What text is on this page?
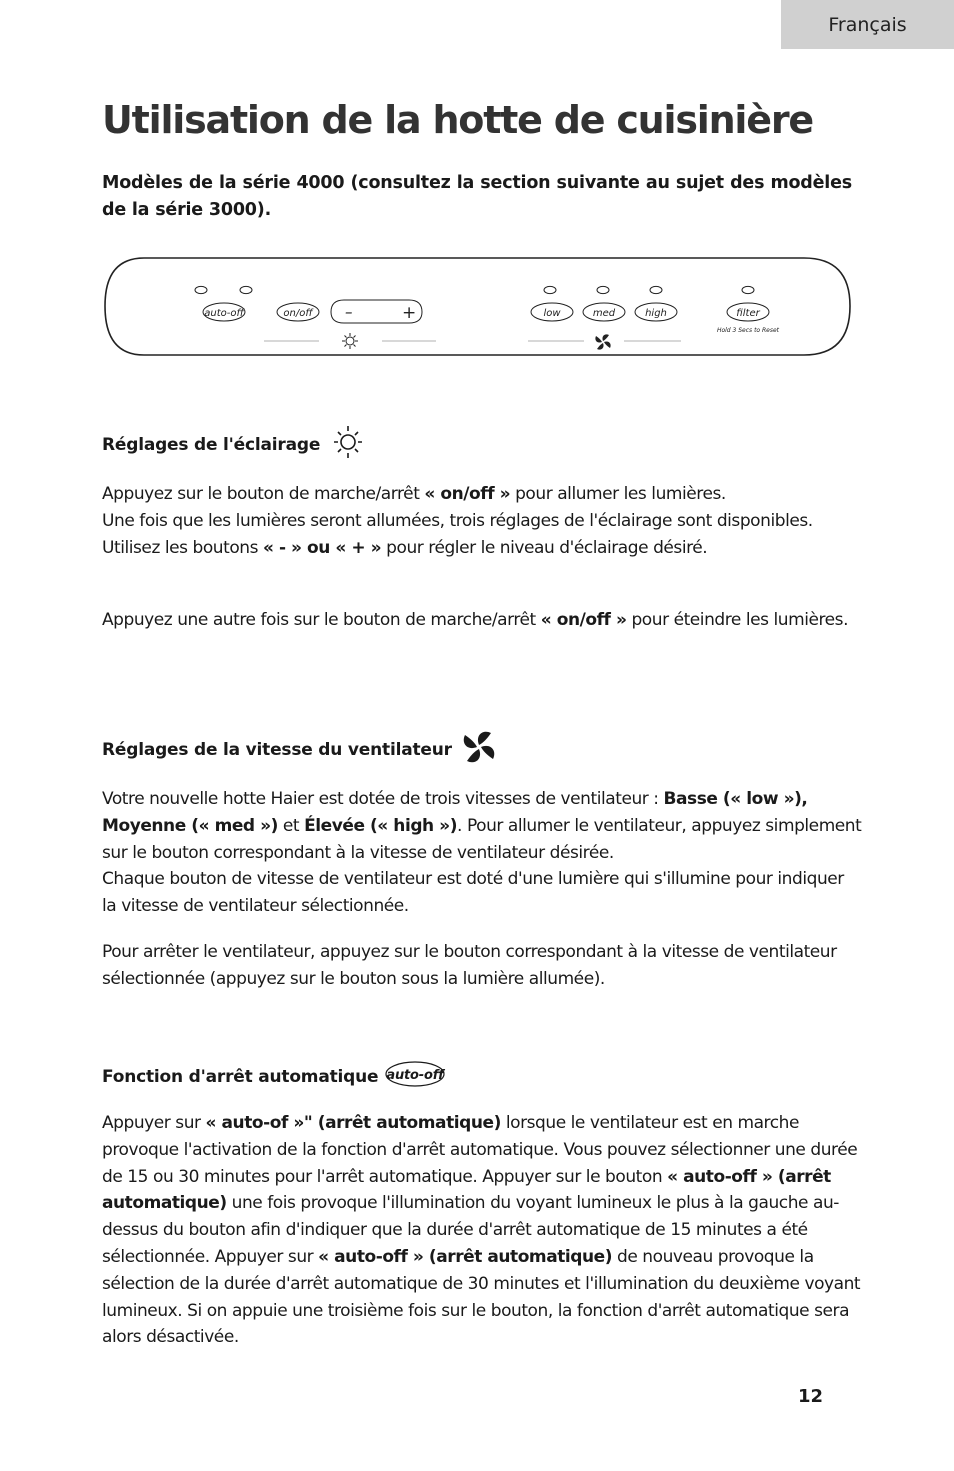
Français
Utilisation de la hotte de cuisinière

Modèles de la série 4000 (consultez la section suivante au sujet des modèles de la série 3000).

auto-off	on/off –	+	low	med	high	filter
Hold 3 Secs to Reset
Réglages de l'éclairage

Appuyez sur le bouton de marche/arrêt « on/off » pour allumer les lumières.
Une fois que les lumières seront allumées, trois réglages de l'éclairage sont disponibles. Utilisez les boutons « - » ou « + » pour régler le niveau d'éclairage désiré.

Appuyez une autre fois sur le bouton de marche/arrêt « on/off » pour éteindre les lumières.

Réglages de la vitesse du ventilateur

Votre nouvelle hotte Haier est dotée de trois vitesses de ventilateur : Basse (« low »), Moyenne (« med ») et Élevée (« high »). Pour allumer le ventilateur, appuyez simplement sur le bouton correspondant à la vitesse de ventilateur désirée.
Chaque bouton de vitesse de ventilateur est doté d'une lumière qui s'illumine pour indiquer la vitesse de ventilateur sélectionnée.

Pour arrêter le ventilateur, appuyez sur le bouton correspondant à la vitesse de ventilateur sélectionnée (appuyez sur le bouton sous la lumière allumée).

Fonction d'arrêt automatique auto-off

Appuyer sur « auto-of »" (arrêt automatique) lorsque le ventilateur est en marche provoque l'activation de la fonction d'arrêt automatique. Vous pouvez sélectionner une durée de 15 ou 30 minutes pour l'arrêt automatique. Appuyer sur le bouton « auto-off » (arrêt automatique) une fois provoque l'illumination du voyant lumineux le plus à la gauche au-dessus du bouton afin d'indiquer que la durée d'arrêt automatique de 15 minutes a été sélectionnée. Appuyer sur « auto-off » (arrêt automatique) de nouveau provoque la sélection de la durée d'arrêt automatique de 30 minutes et l'illumination du deuxième voyant lumineux. Si on appuie une troisième fois sur le bouton, la fonction d'arrêt automatique sera alors désactivée.

12
